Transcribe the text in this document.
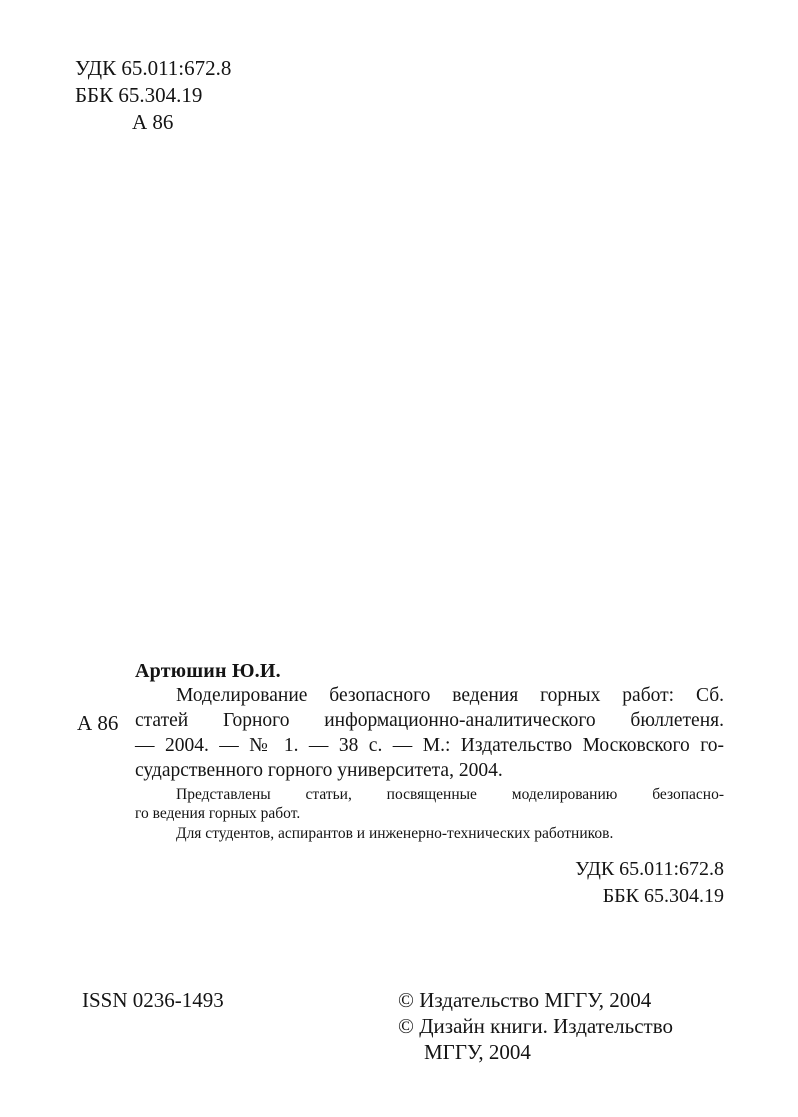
УДК 65.011:672.8
ББК 65.304.19
А 86
Артюшин Ю.И.
А 86
Моделирование безопасного ведения горных работ: Сб.
статей Горного информационно-аналитического бюллетеня.
— 2004. — № 1. — 38 с. — М.: Издательство Московского го-
сударственного горного университета, 2004.
Представлены статьи, посвященные моделированию безопасно-
го ведения горных работ.
Для студентов, аспирантов и инженерно-технических работников.
УДК 65.011:672.8
ББК 65.304.19
ISSN 0236-1493	© Издательство МГГУ, 2004
© Дизайн книги. Издательство
МГГУ, 2004
